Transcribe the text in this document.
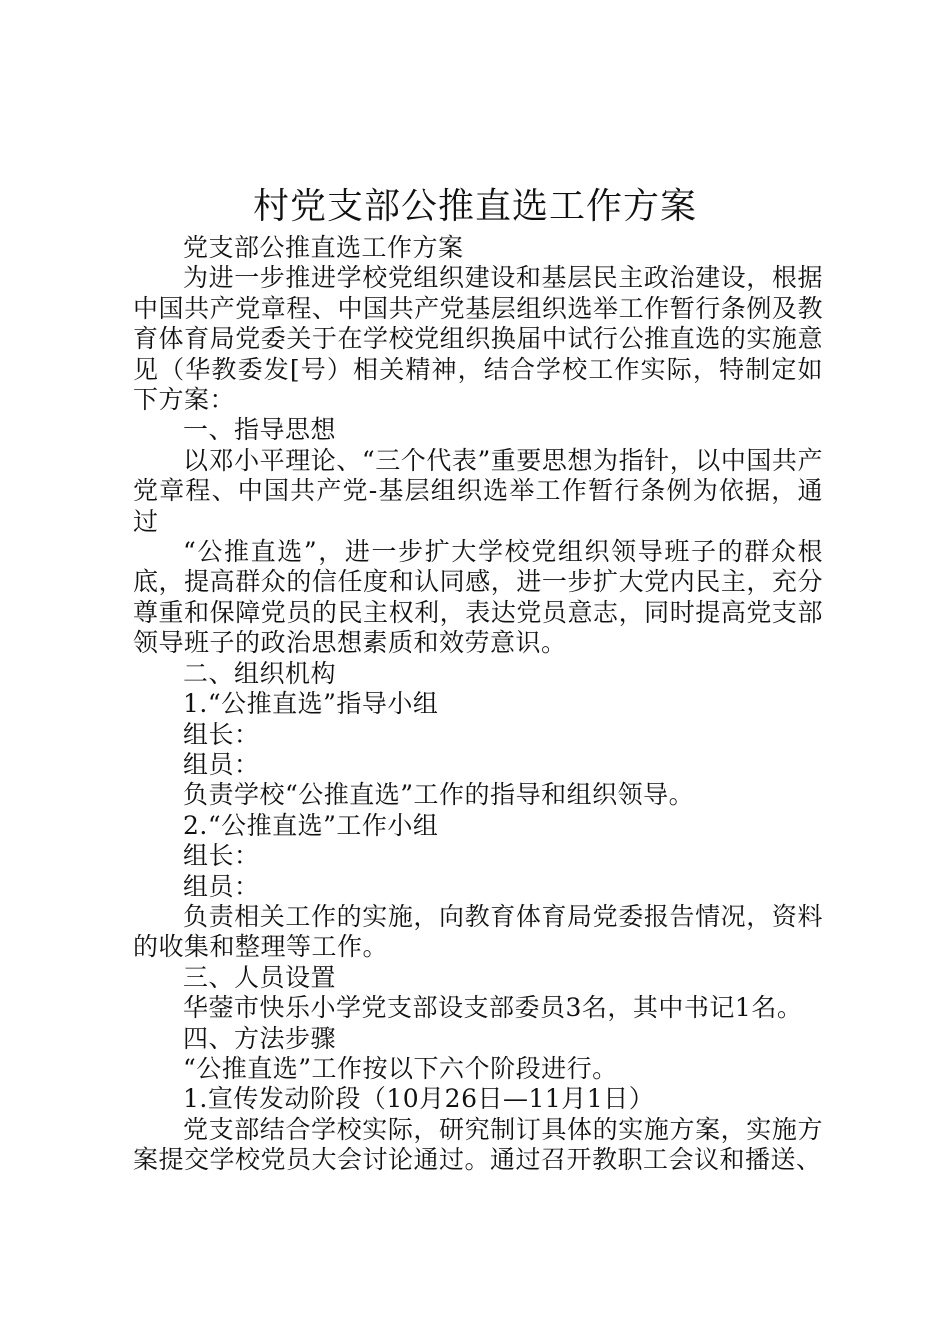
村党支部公推直选工作方案

党支部公推直选工作方案

为进一步推进学校党组织建设和基层民主政治建设，根据中国共产党章程、中国共产党基层组织选举工作暂行条例及教育体育局党委关于在学校党组织换届中试行公推直选的实施意见（华教委发[号）相关精神，结合学校工作实际，特制定如下方案：

一、指导思想

以邓小平理论、“三个代表”重要思想为指针，以中国共产党章程、中国共产党-基层组织选举工作暂行条例为依据，通过

“公推直选”，进一步扩大学校党组织领导班子的群众根底，提高群众的信任度和认同感，进一步扩大党内民主，充分尊重和保障党员的民主权利，表达党员意志，同时提高党支部领导班子的政治思想素质和效劳意识。

二、组织机构

1.“公推直选”指导小组

组长：

组员：

负责学校“公推直选”工作的指导和组织领导。

2.“公推直选”工作小组

组长：

组员：

负责相关工作的实施，向教育体育局党委报告情况，资料的收集和整理等工作。

三、人员设置

华蓥市快乐小学党支部设支部委员3名，其中书记1名。

四、方法步骤

“公推直选”工作按以下六个阶段进行。

1.宣传发动阶段（10月26日—11月1日）

党支部结合学校实际，研究制订具体的实施方案，实施方案提交学校党员大会讨论通过。通过召开教职工会议和播送、
